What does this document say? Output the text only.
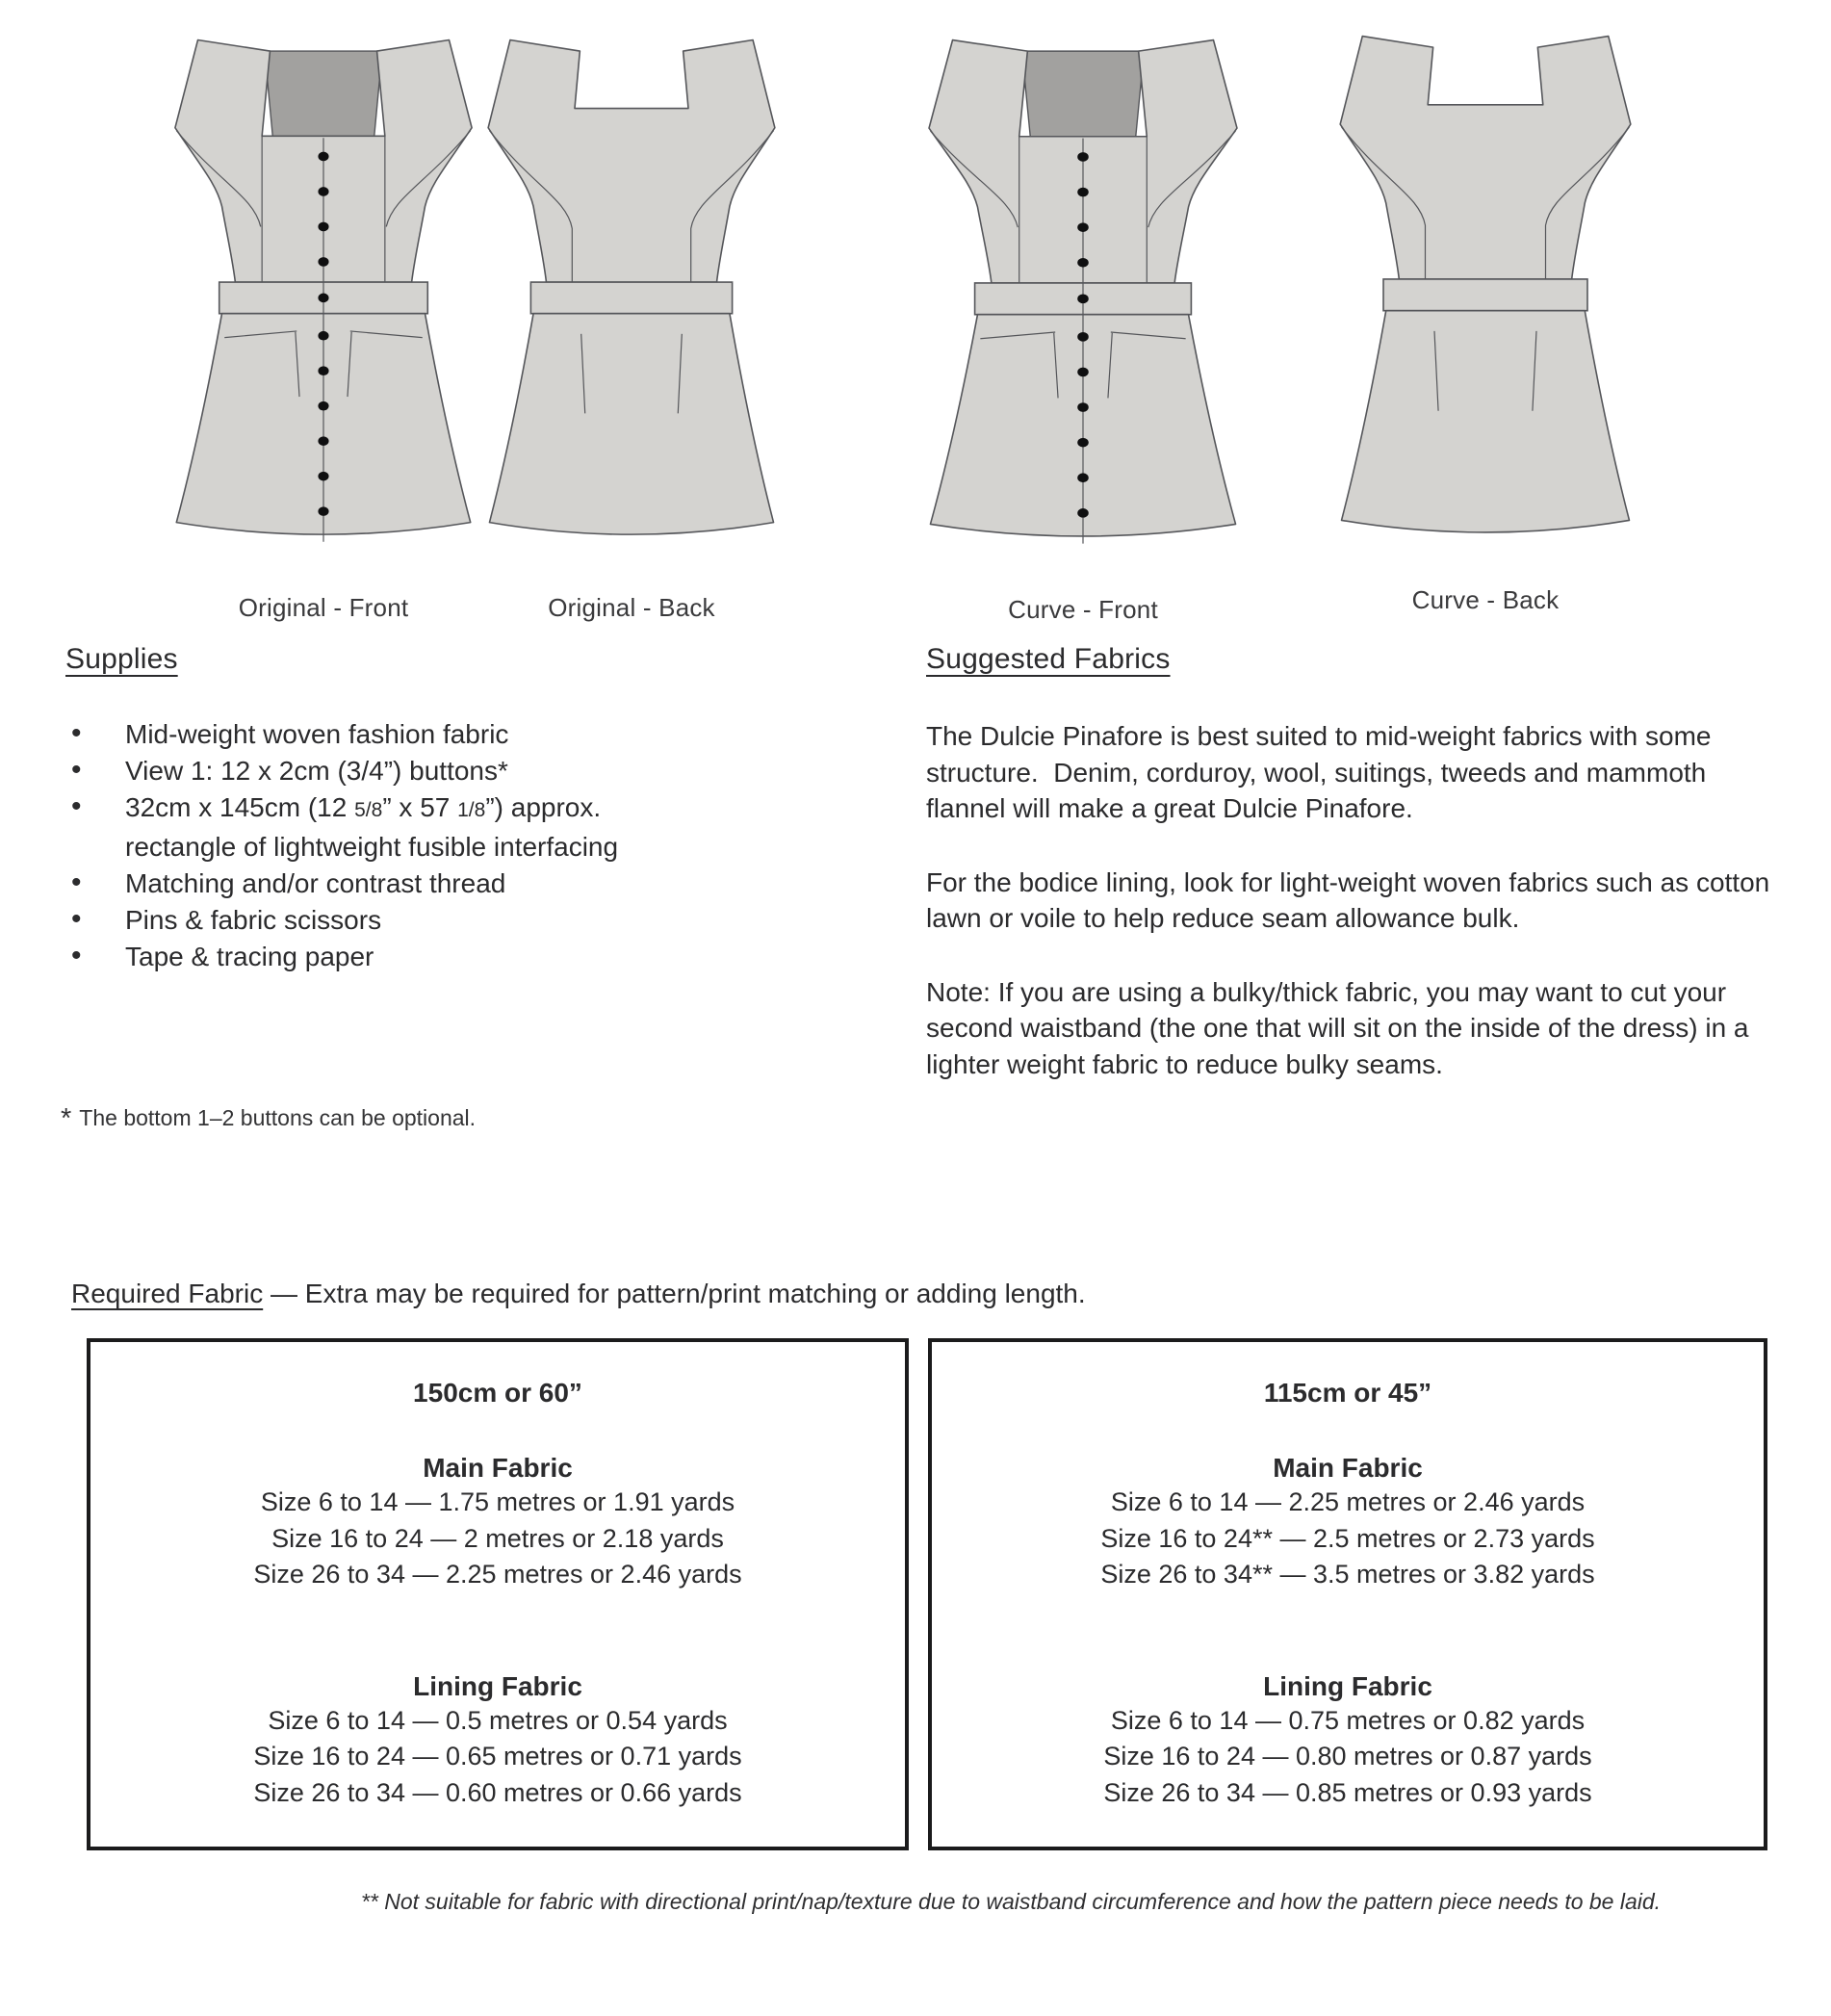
Original - Front	Original - Back	Curve - Front	Curve - Back
Supplies
• Mid-weight woven fashion fabric
• View 1: 12 x 2cm (3/4”) buttons*
• 32cm x 145cm (12 5/8” x 57 1/8”) approx. rectangle of lightweight fusible interfacing
• Matching and/or contrast thread
• Pins & fabric scissors
• Tape & tracing paper
* The bottom 1–2 buttons can be optional.
Suggested Fabrics

The Dulcie Pinafore is best suited to mid-weight fabrics with some structure.  Denim, corduroy, wool, suitings, tweeds and mammoth flannel will make a great Dulcie Pinafore.

For the bodice lining, look for light-weight woven fabrics such as cotton lawn or voile to help reduce seam allowance bulk.

Note: If you are using a bulky/thick fabric, you may want to cut your second waistband (the one that will sit on the inside of the dress) in a lighter weight fabric to reduce bulky seams.

Required Fabric — Extra may be required for pattern/print matching or adding length.
150cm or 60”
Main Fabric
Size 6 to 14 — 1.75 metres or 1.91 yards
Size 16 to 24 — 2 metres or 2.18 yards
Size 26 to 34 — 2.25 metres or 2.46 yards
Lining Fabric
Size 6 to 14 — 0.5 metres or 0.54 yards
Size 16 to 24 — 0.65 metres or 0.71 yards
Size 26 to 34 — 0.60 metres or 0.66 yards
115cm or 45”
Main Fabric
Size 6 to 14 — 2.25 metres or 2.46 yards
Size 16 to 24** — 2.5 metres or 2.73 yards
Size 26 to 34** — 3.5 metres or 3.82 yards
Lining Fabric
Size 6 to 14 — 0.75 metres or 0.82 yards
Size 16 to 24 — 0.80 metres or 0.87 yards
Size 26 to 34 — 0.85 metres or 0.93 yards
** Not suitable for fabric with directional print/nap/texture due to waistband circumference and how the pattern piece needs to be laid.
